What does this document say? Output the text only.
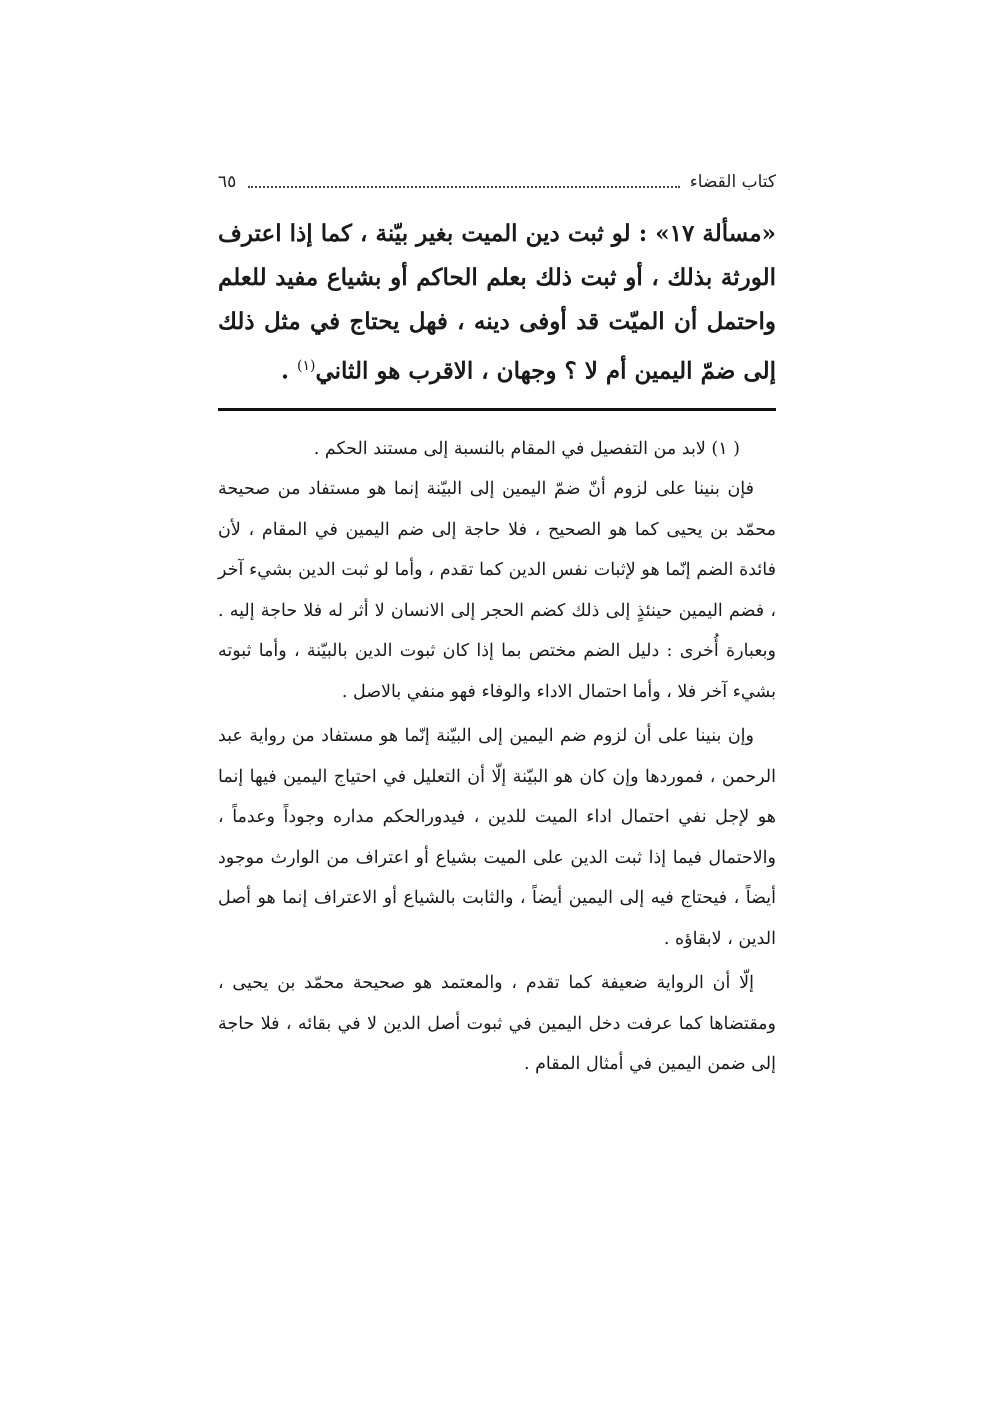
كتاب القضاء
٦٥
«مسألة ١٧» : لو ثبت دين الميت بغير بيّنة ، كما إذا اعترف الورثة بذلك ، أو ثبت ذلك بعلم الحاكم أو بشياع مفيد للعلم واحتمل أن الميّت قد أوفى دينه ، فهل يحتاج في مثل ذلك إلى ضمّ اليمين أم لا ؟ وجهان ، الاقرب هو الثاني$^{(١)}$ .

( ١) لابد من التفصيل في المقام بالنسبة إلى مستند الحكم .

فإن بنينا على لزوم أنّ ضمّ اليمين إلى البيّنة إنما هو مستفاد من صحيحة محمّد بن يحيى كما هو الصحيح ، فلا حاجة إلى ضم اليمين في المقام ، لأن فائدة الضم إنّما هو لإثبات نفس الدين كما تقدم ، وأما لو ثبت الدين بشيء آخر ، فضم اليمين حينئذٍ إلى ذلك كضم الحجر إلى الانسان لا أثر له فلا حاجة إليه . وبعبارة أُخرى : دليل الضم مختص بما إذا كان ثبوت الدين بالبيّنة ، وأما ثبوته بشيء آخر فلا ، وأما احتمال الاداء والوفاء فهو منفي بالاصل .

وإن بنينا على أن لزوم ضم اليمين إلى البيّنة إنّما هو مستفاد من رواية عبد الرحمن ، فموردها وإن كان هو البيّنة إلّا أن التعليل في احتياج اليمين فيها إنما هو لإجل نفي احتمال اداء الميت للدين ، فيدورالحكم مداره وجوداً وعدماً ، والاحتمال فيما إذا ثبت الدين على الميت بشياع أو اعتراف من الوارث موجود أيضاً ، فيحتاج فيه إلى اليمين أيضاً ، والثابت بالشياع أو الاعتراف إنما هو أصل الدين ، لابقاؤه .

إلّا أن الرواية ضعيفة كما تقدم ، والمعتمد هو صحيحة محمّد بن يحيى ، ومقتضاها كما عرفت دخل اليمين في ثبوت أصل الدين لا في بقائه ، فلا حاجة إلى ضمن اليمين في أمثال المقام .
